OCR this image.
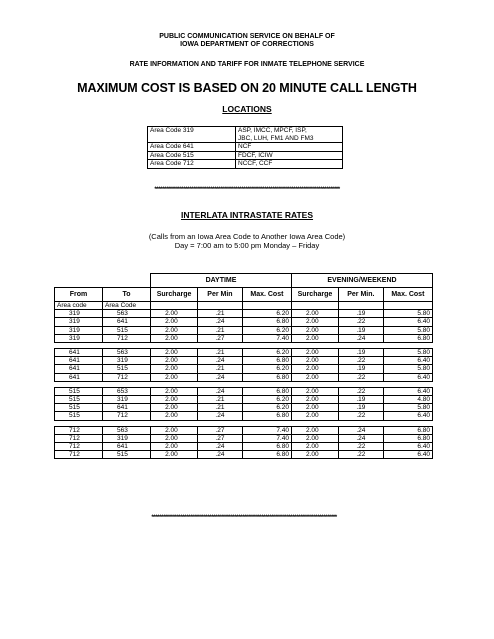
PUBLIC COMMUNICATION SERVICE ON BEHALF OF
IOWA DEPARTMENT OF CORRECTIONS
RATE INFORMATION AND TARIFF FOR INMATE TELEPHONE SERVICE
MAXIMUM COST IS BASED ON 20 MINUTE CALL LENGTH
LOCATIONS
Area Code 319	ASP, IMCC, MPCF, ISP,
JBC, LUH, FM1 AND FM3

Area Code 641	NCF

Area Code 515	FDCF, ICIW

Area Code 712	NCCF, CCF
************************************************************************************************
INTERLATA INTRASTATE RATES
(Calls from an Iowa Area Code to Another Iowa Area Code)
Day = 7:00 am to 5:00 pm Monday – Friday
		DAYTIME			EVENING/WEEKEND		
From	To	Surcharge	Per Min	Max. Cost	Surcharge	Per Min.	Max. Cost
Area code	Area Code						
319	563	2.00	.21	6.20	2.00	.19	5.80
319	641	2.00	.24	6.80	2.00	.22	6.40
319	515	2.00	.21	6.20	2.00	.19	5.80
319	712	2.00	.27	7.40	2.00	.24	6.80

641	563	2.00	.21	6.20	2.00	.19	5.80
641	319	2.00	.24	6.80	2.00	.22	6.40
641	515	2.00	.21	6.20	2.00	.19	5.80
641	712	2.00	.24	6.80	2.00	.22	6.40

515	653	2.00	.24	6.80	2.00	.22	6.40
515	319	2.00	.21	6.20	2.00	.19	4.80
515	641	2.00	.21	6.20	2.00	.19	5.80
515	712	2.00	.24	6.80	2.00	.22	6.40

712	563	2.00	.27	7.40	2.00	.24	6.80
712	319	2.00	.27	7.40	2.00	.24	6.80
712	641	2.00	.24	6.80	2.00	.22	6.40
712	515	2.00	.24	6.80	2.00	.22	6.40
************************************************************************************************
